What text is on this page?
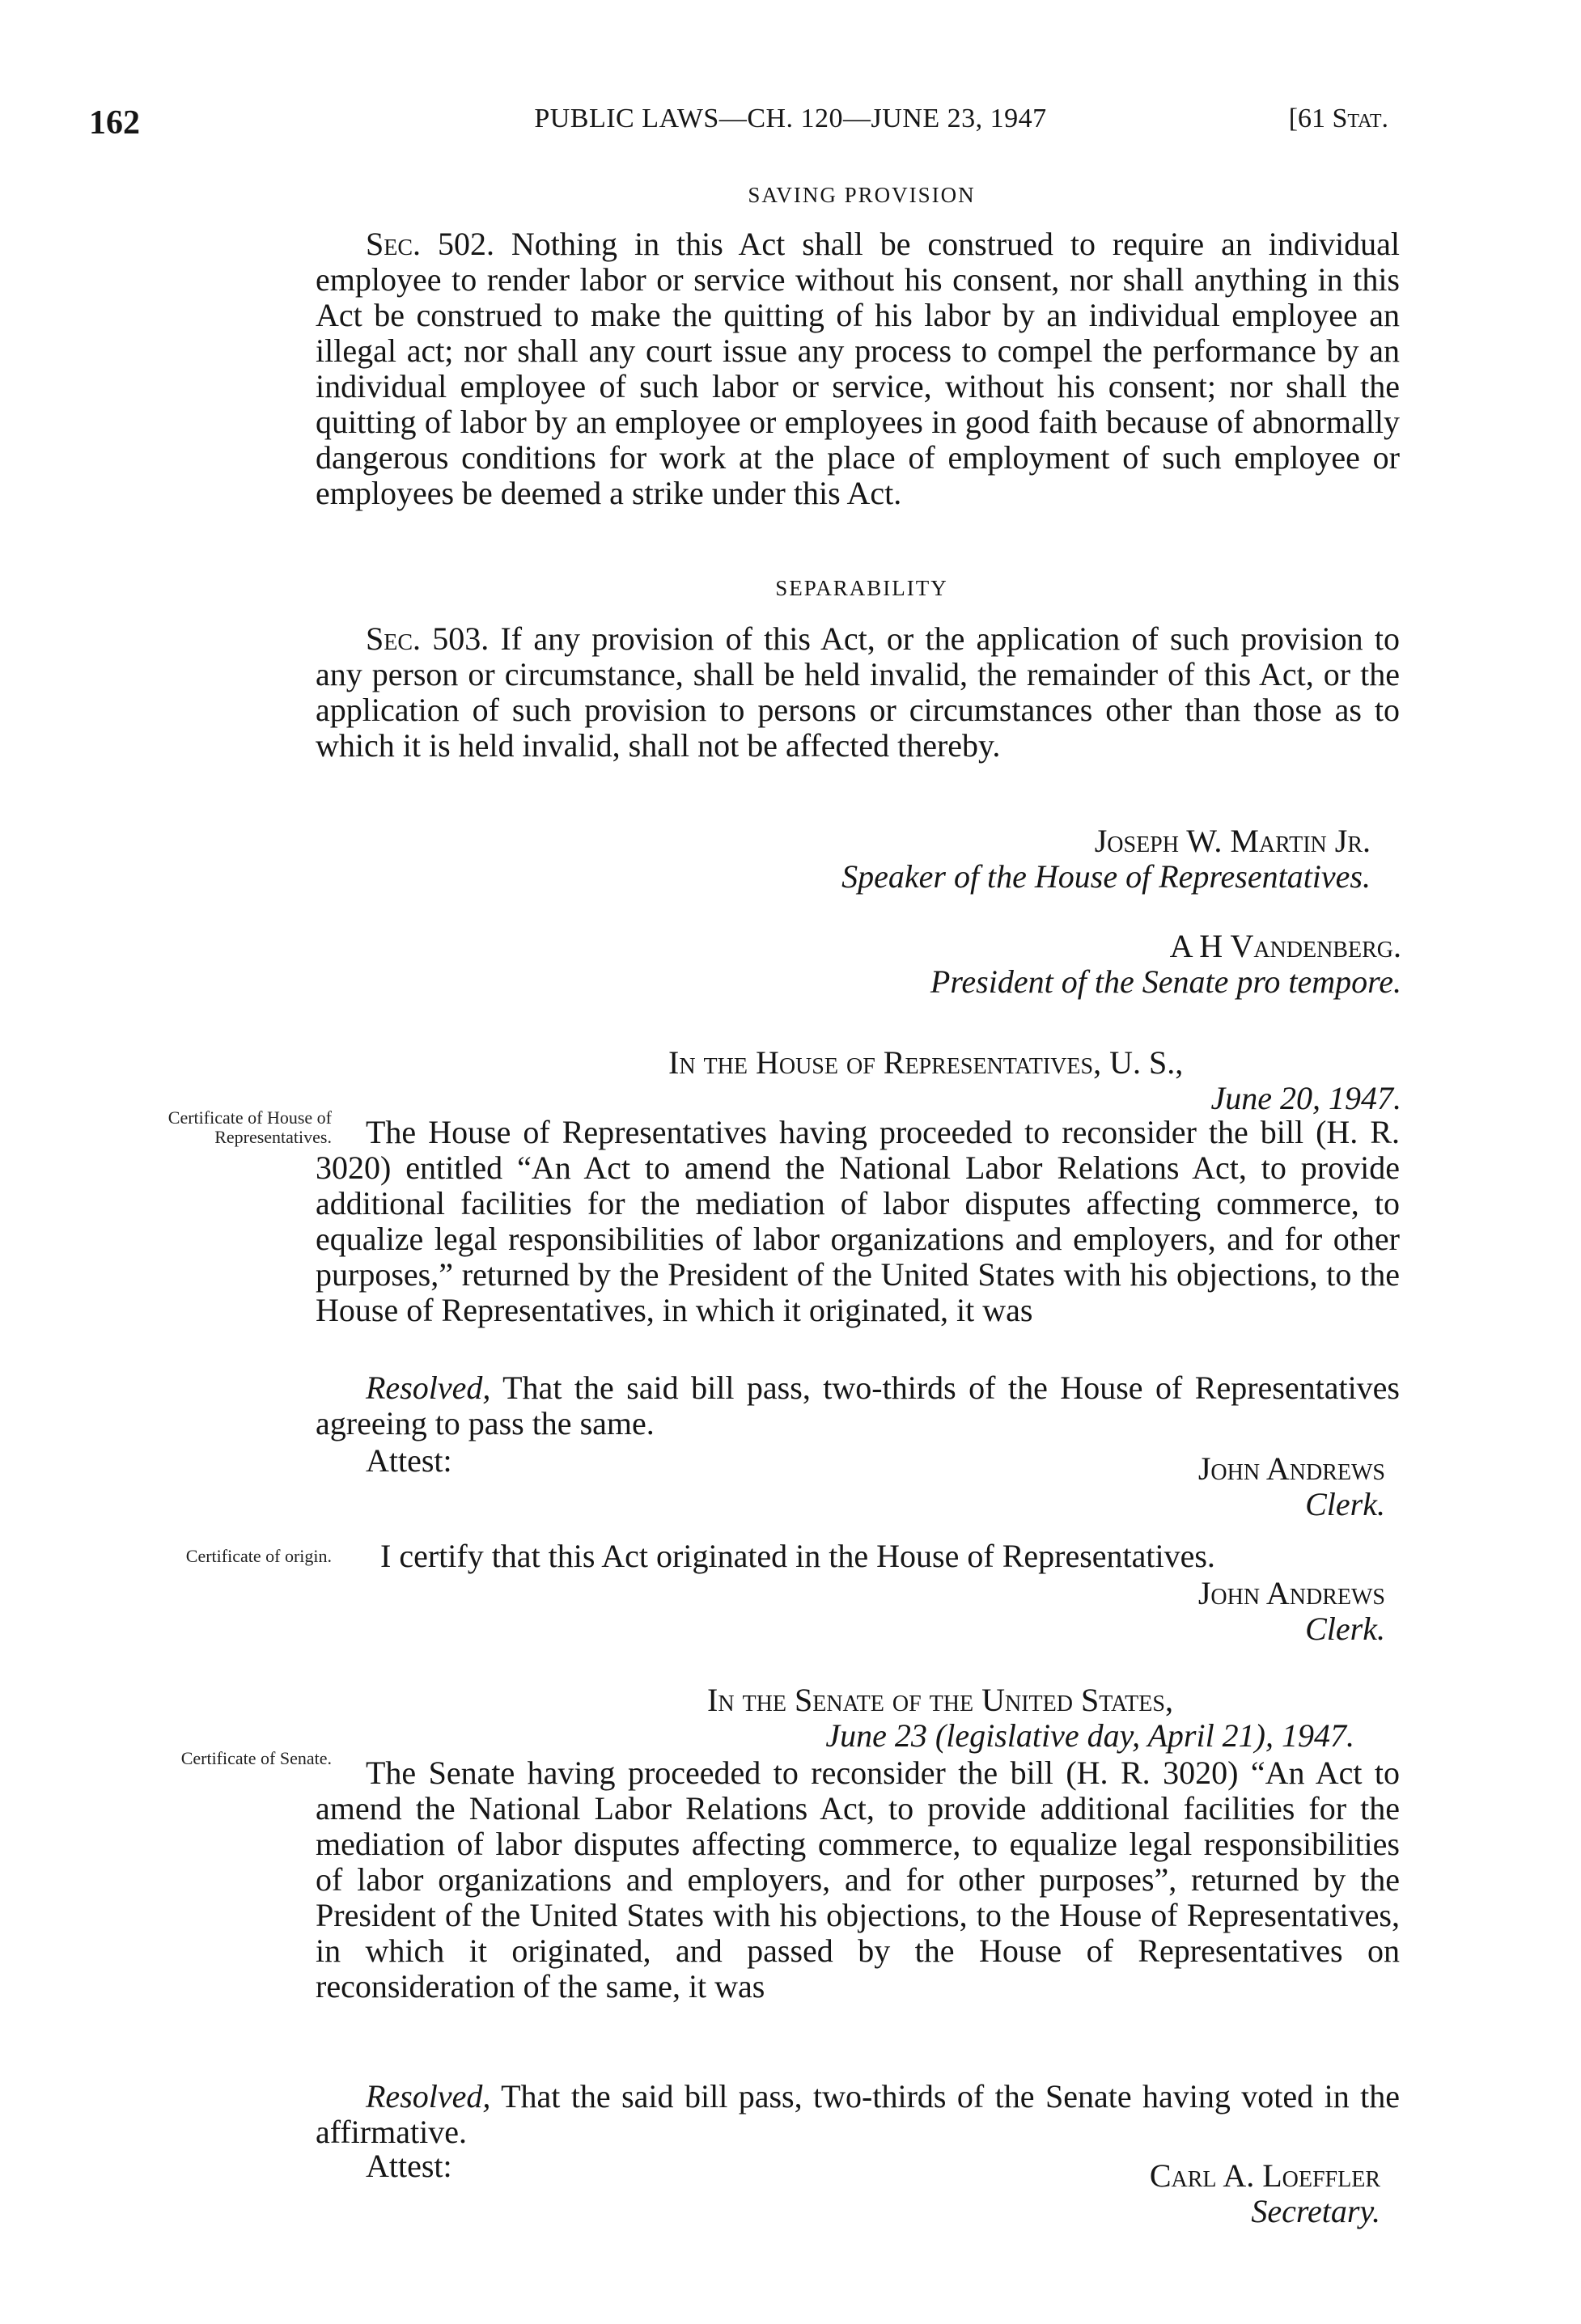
162	PUBLIC LAWS—CH. 120—JUNE 23, 1947	[61 Stat.
SAVING PROVISION

Sec. 502. Nothing in this Act shall be construed to require an individual employee to render labor or service without his consent, nor shall anything in this Act be construed to make the quitting of his labor by an individual employee an illegal act; nor shall any court issue any process to compel the performance by an individual employee of such labor or service, without his consent; nor shall the quitting of labor by an employee or employees in good faith because of abnormally dangerous conditions for work at the place of employment of such employee or employees be deemed a strike under this Act.

SEPARABILITY

Sec. 503. If any provision of this Act, or the application of such provision to any person or circumstance, shall be held invalid, the remainder of this Act, or the application of such provision to persons or circumstances other than those as to which it is held invalid, shall not be affected thereby.

Joseph W. Martin Jr.
Speaker of the House of Representatives.
A H Vandenberg.
President of the Senate pro tempore.
In the House of Representatives, U. S.,
June 20, 1947.
Certificate of House of Representatives.	The House of Representatives having proceeded to reconsider the bill (H. R. 3020) entitled “An Act to amend the National Labor Relations Act, to provide additional facilities for the mediation of labor disputes affecting commerce, to equalize legal responsibilities of labor organizations and employers, and for other purposes,” returned by the President of the United States with his objections, to the House of Representatives, in which it originated, it was

Resolved, That the said bill pass, two-thirds of the House of Representatives agreeing to pass the same.

Attest:	John Andrews
Clerk.
Certificate of origin. I certify that this Act originated in the House of Representatives.
John Andrews
Clerk.
In the Senate of the United States,
June 23 (legislative day, April 21), 1947.
Certificate of Senate.	The Senate having proceeded to reconsider the bill (H. R. 3020) “An Act to amend the National Labor Relations Act, to provide additional facilities for the mediation of labor disputes affecting commerce, to equalize legal responsibilities of labor organizations and employers, and for other purposes”, returned by the President of the United States with his objections, to the House of Representatives, in which it originated, and passed by the House of Representatives on reconsideration of the same, it was

Resolved, That the said bill pass, two-thirds of the Senate having voted in the affirmative.

Attest:	Carl A. Loeffler
Secretary.
